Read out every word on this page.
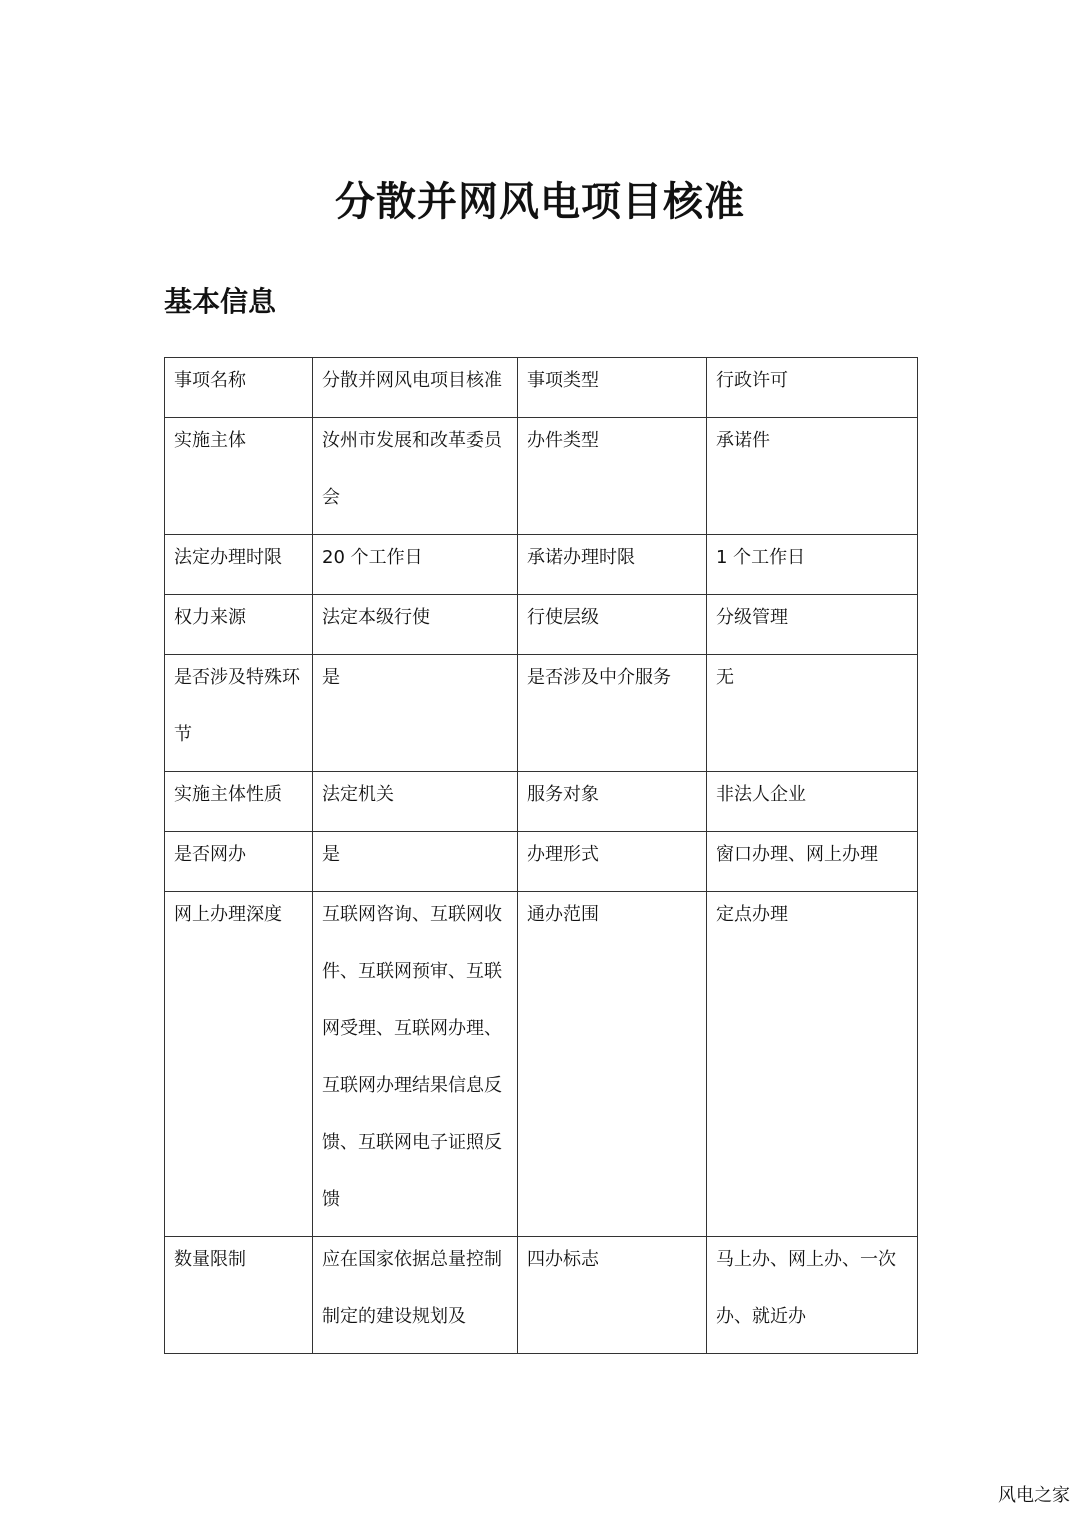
分散并网风电项目核准
基本信息
事项名称	分散并网风电项目核准	事项类型	行政许可

实施主体	汝州市发展和改革委员会	办件类型	承诺件

法定办理时限	20 个工作日	承诺办理时限	1 个工作日

权力来源	法定本级行使	行使层级	分级管理

是否涉及特殊环节	是	是否涉及中介服务	无

实施主体性质	法定机关	服务对象	非法人企业

是否网办	是	办理形式	窗口办理、网上办理

网上办理深度	互联网咨询、互联网收件、互联网预审、互联网受理、互联网办理、互联网办理结果信息反馈、互联网电子证照反馈	通办范围	定点办理

数量限制	应在国家依据总量控制制定的建设规划及	四办标志	马上办、网上办、一次办、就近办
风电之家
